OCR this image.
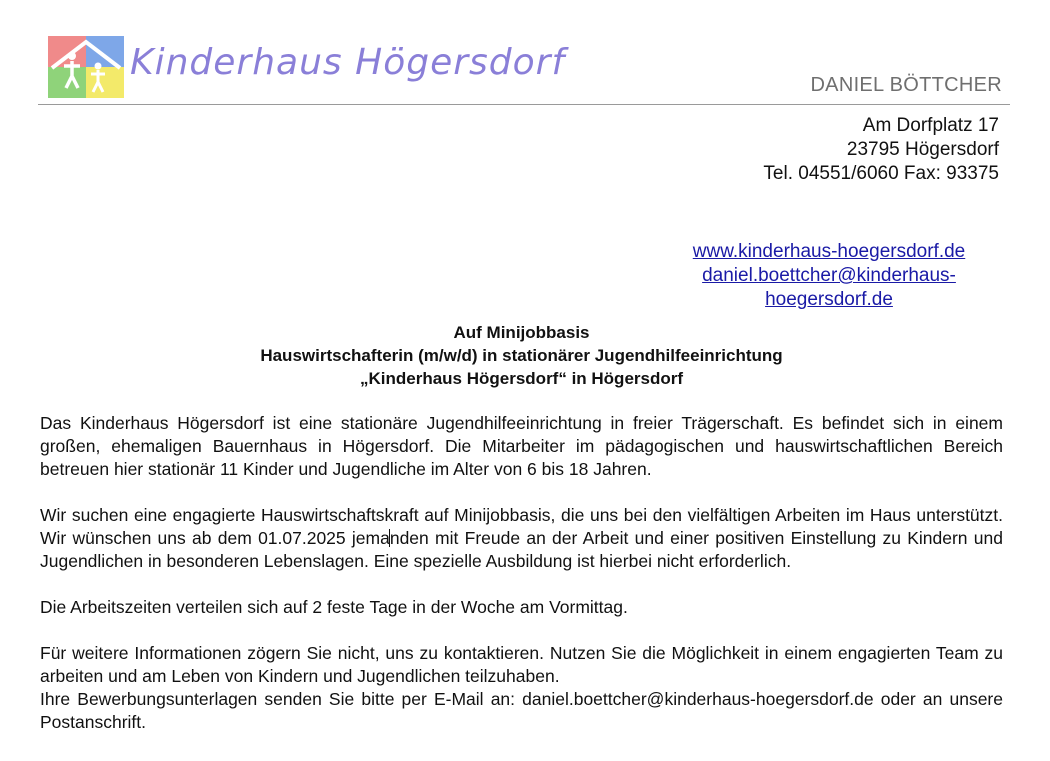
Kinderhaus Högersdorf
DANIEL BÖTTCHER
Am Dorfplatz 17
23795 Högersdorf
Tel. 04551/6060 Fax: 93375
www.kinderhaus-hoegersdorf.de
daniel.boettcher@kinderhaus-
hoegersdorf.de
Auf Minijobbasis
Hauswirtschafterin (m/w/d) in stationärer Jugendhilfeeinrichtung
„Kinderhaus Högersdorf“ in Högersdorf

Das Kinderhaus Högersdorf ist eine stationäre Jugendhilfeeinrichtung in freier Trägerschaft. Es befindet sich in einem großen, ehemaligen Bauernhaus in Högersdorf. Die Mitarbeiter im pädagogischen und hauswirtschaftlichen Bereich betreuen hier stationär 11 Kinder und Jugendliche im Alter von 6 bis 18 Jahren.

Wir suchen eine engagierte Hauswirtschaftskraft auf Minijobbasis, die uns bei den vielfältigen Arbeiten im Haus unterstützt. Wir wünschen uns ab dem 01.07.2025 jemanden mit Freude an der Arbeit und einer positiven Einstellung zu Kindern und Jugendlichen in besonderen Lebenslagen. Eine spezielle Ausbildung ist hierbei nicht erforderlich.

Die Arbeitszeiten verteilen sich auf 2 feste Tage in der Woche am Vormittag.

Für weitere Informationen zögern Sie nicht, uns zu kontaktieren. Nutzen Sie die Möglichkeit in einem engagierten Team zu arbeiten und am Leben von Kindern und Jugendlichen teilzuhaben.

Ihre Bewerbungsunterlagen senden Sie bitte per E-Mail an: daniel.boettcher@kinderhaus-hoegersdorf.de oder an unsere Postanschrift.
